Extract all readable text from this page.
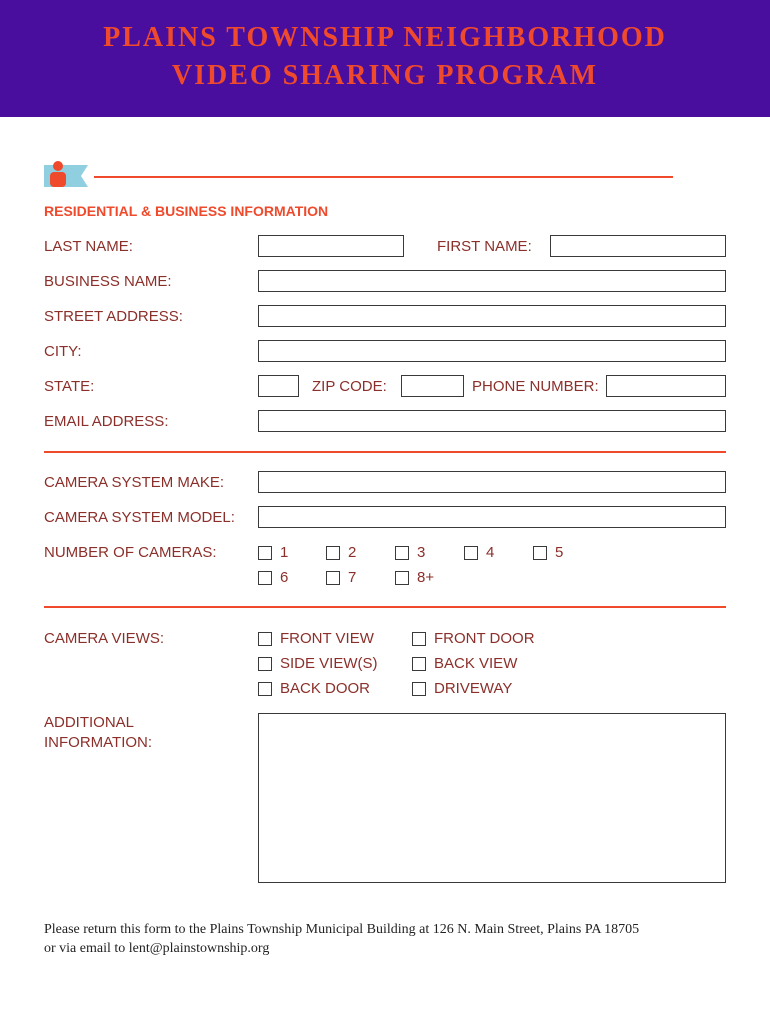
PLAINS TOWNSHIP NEIGHBORHOOD
VIDEO SHARING PROGRAM
RESIDENTIAL & BUSINESS INFORMATION
LAST NAME:	FIRST NAME:
BUSINESS NAME:
STREET ADDRESS:
CITY:
STATE:	ZIP CODE:	PHONE NUMBER:
EMAIL ADDRESS:
CAMERA SYSTEM MAKE:
CAMERA SYSTEM MODEL:
NUMBER OF CAMERAS:	1	2	3	4	5
6	7	8+
CAMERA VIEWS:	FRONT VIEW	FRONT DOOR
SIDE VIEW(S)	BACK VIEW
BACK DOOR	DRIVEWAY
ADDITIONAL
INFORMATION:
Please return this form to the Plains Township Municipal Building at 126 N. Main Street, Plains PA 18705
or via email to lent@plainstownship.org
